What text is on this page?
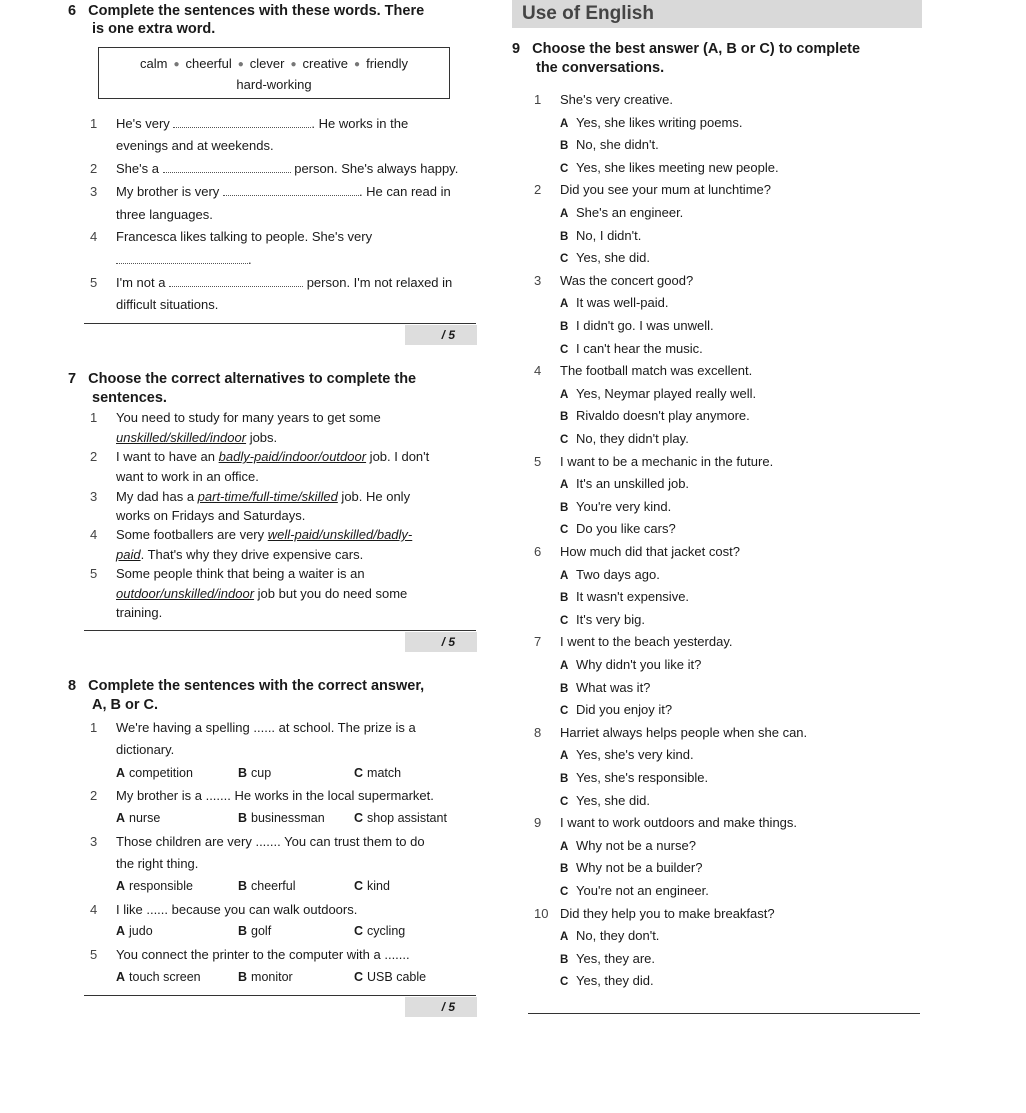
6 Complete the sentences with these words. There
is one extra word.
calm ● cheerful ● clever ● creative ● friendly
hard-working
1 He's very	. He works in the
evenings and at weekends.
2 She's a	person. She's always happy.
3 My brother is very	. He can read in
three languages.
4 Francesca likes talking to people. She's very
.
5 I'm not a	person. I'm not relaxed in
difficult situations.
/ 5
7 Choose the correct alternatives to complete the
sentences.
1 You need to study for many years to get some
unskilled/skilled/indoor jobs.
2 I want to have an badly-paid/indoor/outdoor job. I don't
want to work in an office.
3 My dad has a part-time/full-time/skilled job. He only
works on Fridays and Saturdays.
4 Some footballers are very well-paid/unskilled/badly-
paid. That's why they drive expensive cars.
5 Some people think that being a waiter is an
outdoor/unskilled/indoor job but you do need some
training.
/ 5
8 Complete the sentences with the correct answer,
A, B or C.
1 We're having a spelling ...... at school. The prize is a
dictionary.
A competition	B cup	C match
2 My brother is a ....... He works in the local supermarket.
A nurse	B businessman C shop assistant
3 Those children are very ....... You can trust them to do
the right thing.
A responsible	B cheerful	C kind
4 I like ...... because you can walk outdoors.
A judo	B golf	C cycling
5 You connect the printer to the computer with a .......
A touch screen	B monitor	C USB cable
/ 5
Use of English
9 Choose the best answer (A, B or C) to complete
the conversations.
1 She's very creative.
A Yes, she likes writing poems.
B No, she didn't.
C Yes, she likes meeting new people.
2 Did you see your mum at lunchtime?
A She's an engineer.
B No, I didn't.
C Yes, she did.
3 Was the concert good?
A It was well-paid.
B I didn't go. I was unwell.
C I can't hear the music.
4 The football match was excellent.
A Yes, Neymar played really well.
B Rivaldo doesn't play anymore.
C No, they didn't play.
5 I want to be a mechanic in the future.
A It's an unskilled job.
B You're very kind.
C Do you like cars?
6 How much did that jacket cost?
A Two days ago.
B It wasn't expensive.
C It's very big.
7 I went to the beach yesterday.
A Why didn't you like it?
B What was it?
C Did you enjoy it?
8 Harriet always helps people when she can.
A Yes, she's very kind.
B Yes, she's responsible.
C Yes, she did.
9 I want to work outdoors and make things.
A Why not be a nurse?
B Why not be a builder?
C You're not an engineer.
10 Did they help you to make breakfast?
A No, they don't.
B Yes, they are.
C Yes, they did.
